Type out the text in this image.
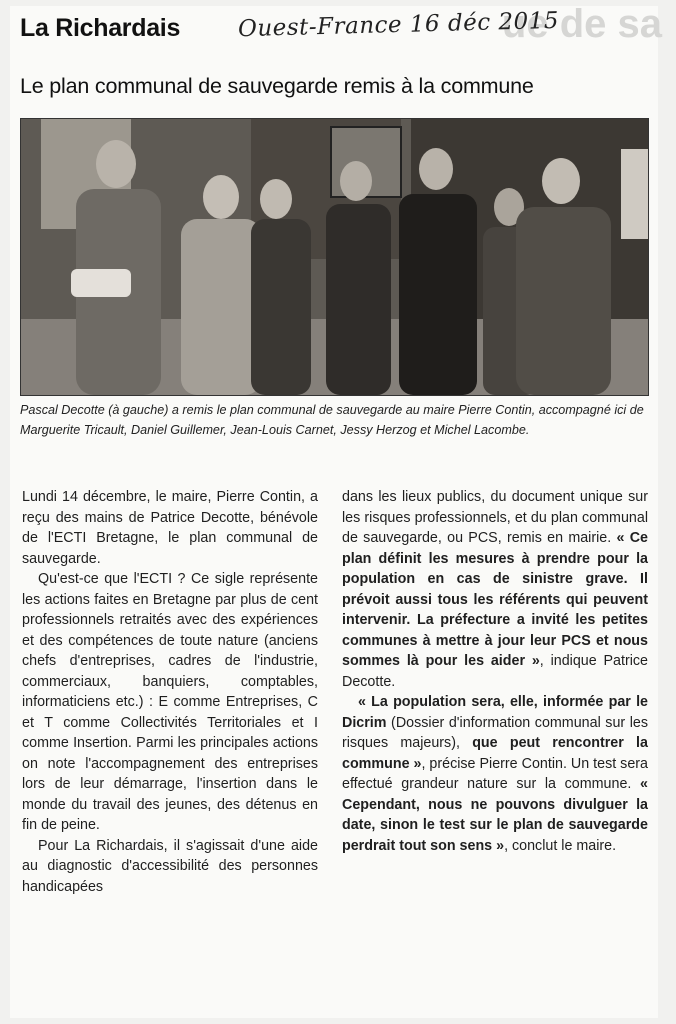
ue de sa
La Richardais	Ouest-France 16 déc 2015
Le plan communal de sauvegarde remis à la commune
Pascal Decotte (à gauche) a remis le plan communal de sauvegarde au maire Pierre Contin, accompagné ici de Marguerite Tricault, Daniel Guillemer, Jean-Louis Carnet, Jessy Herzog et Michel Lacombe.

Lundi 14 décembre, le maire, Pierre Contin, a reçu des mains de Patrice Decotte, bénévole de l'ECTI Bretagne, le plan communal de sauvegarde.

Qu'est-ce que l'ECTI ? Ce sigle représente les actions faites en Bretagne par plus de cent professionnels retraités avec des expériences et des compétences de toute nature (anciens chefs d'entreprises, cadres de l'industrie, commerciaux, banquiers, comptables, informaticiens etc.) : E comme Entreprises, C et T comme Collectivités Territoriales et I comme Insertion. Parmi les principales actions on note l'accompagnement des entreprises lors de leur démarrage, l'insertion dans le monde du travail des jeunes, des détenus en fin de peine.

Pour La Richardais, il s'agissait d'une aide au diagnostic d'accessibilité des personnes handicapées

dans les lieux publics, du document unique sur les risques professionnels, et du plan communal de sauvegarde, ou PCS, remis en mairie. « Ce plan définit les mesures à prendre pour la population en cas de sinistre grave. Il prévoit aussi tous les référents qui peuvent intervenir. La préfecture a invité les petites communes à mettre à jour leur PCS et nous sommes là pour les aider », indique Patrice Decotte.

« La population sera, elle, informée par le Dicrim (Dossier d'information communal sur les risques majeurs), que peut rencontrer la commune », précise Pierre Contin. Un test sera effectué grandeur nature sur la commune. « Cependant, nous ne pouvons divulguer la date, sinon le test sur le plan de sauvegarde perdrait tout son sens », conclut le maire.
